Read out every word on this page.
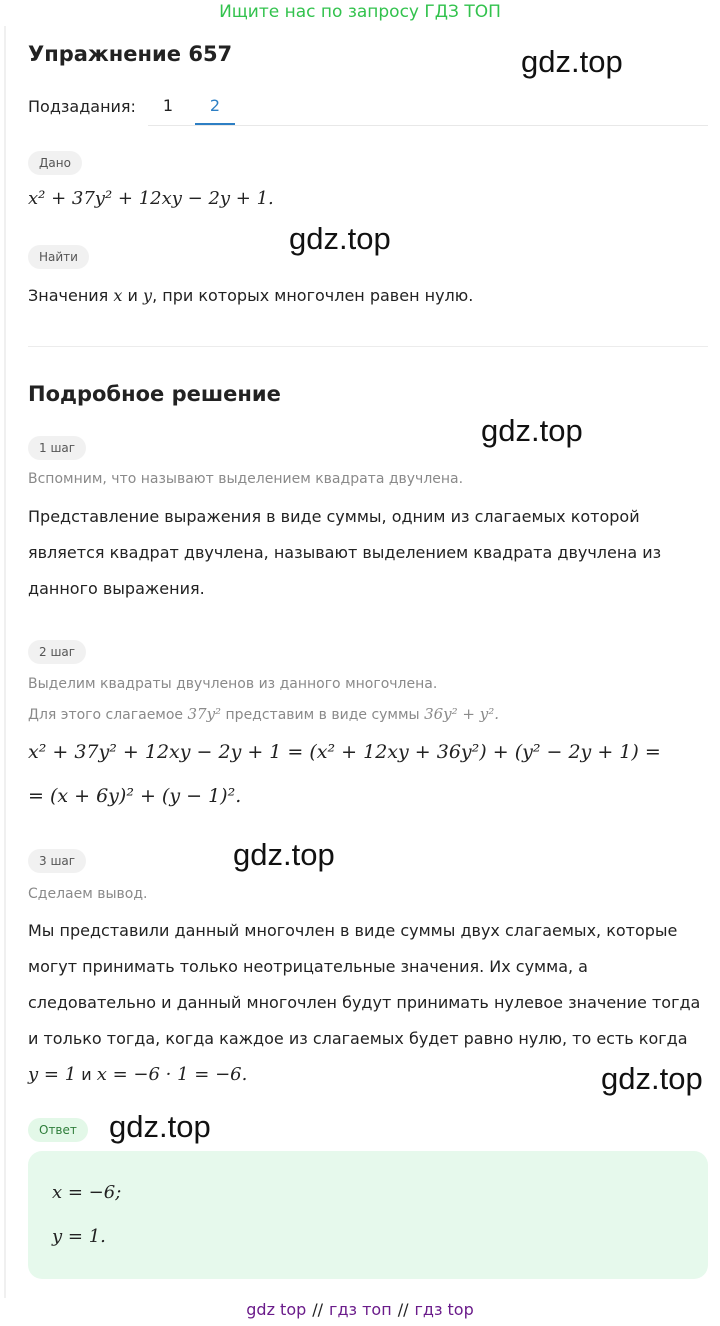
Ищите нас по запросу ГДЗ ТОП
gdz.top
gdz.top
gdz.top
gdz.top
gdz.top
gdz.top
Упражнение 657
Подзадания:	1	2
Дано
x² + 37y² + 12xy − 2y + 1.
Найти
Значения x и y, при которых многочлен равен нулю.
Подробное решение
1 шаг
Вспомним, что называют выделением квадрата двучлена.
Представление выражения в виде суммы, одним из слагаемых которой
является квадрат двучлена, называют выделением квадрата двучлена из
данного выражения.
2 шаг
Выделим квадраты двучленов из данного многочлена.
Для этого слагаемое 37y² представим в виде суммы 36y² + y².
x² + 37y² + 12xy − 2y + 1 = (x² + 12xy + 36y²) + (y² − 2y + 1) =
= (x + 6y)² + (y − 1)².
3 шаг
Сделаем вывод.
Мы представили данный многочлен в виде суммы двух слагаемых, которые
могут принимать только неотрицательные значения. Их сумма, а
следовательно и данный многочлен будут принимать нулевое значение тогда
и только тогда, когда каждое из слагаемых будет равно нулю, то есть когда
y = 1 и x = −6 · 1 = −6.
Ответ
x = −6;
y = 1.
gdz top // гдз топ // гдз top
